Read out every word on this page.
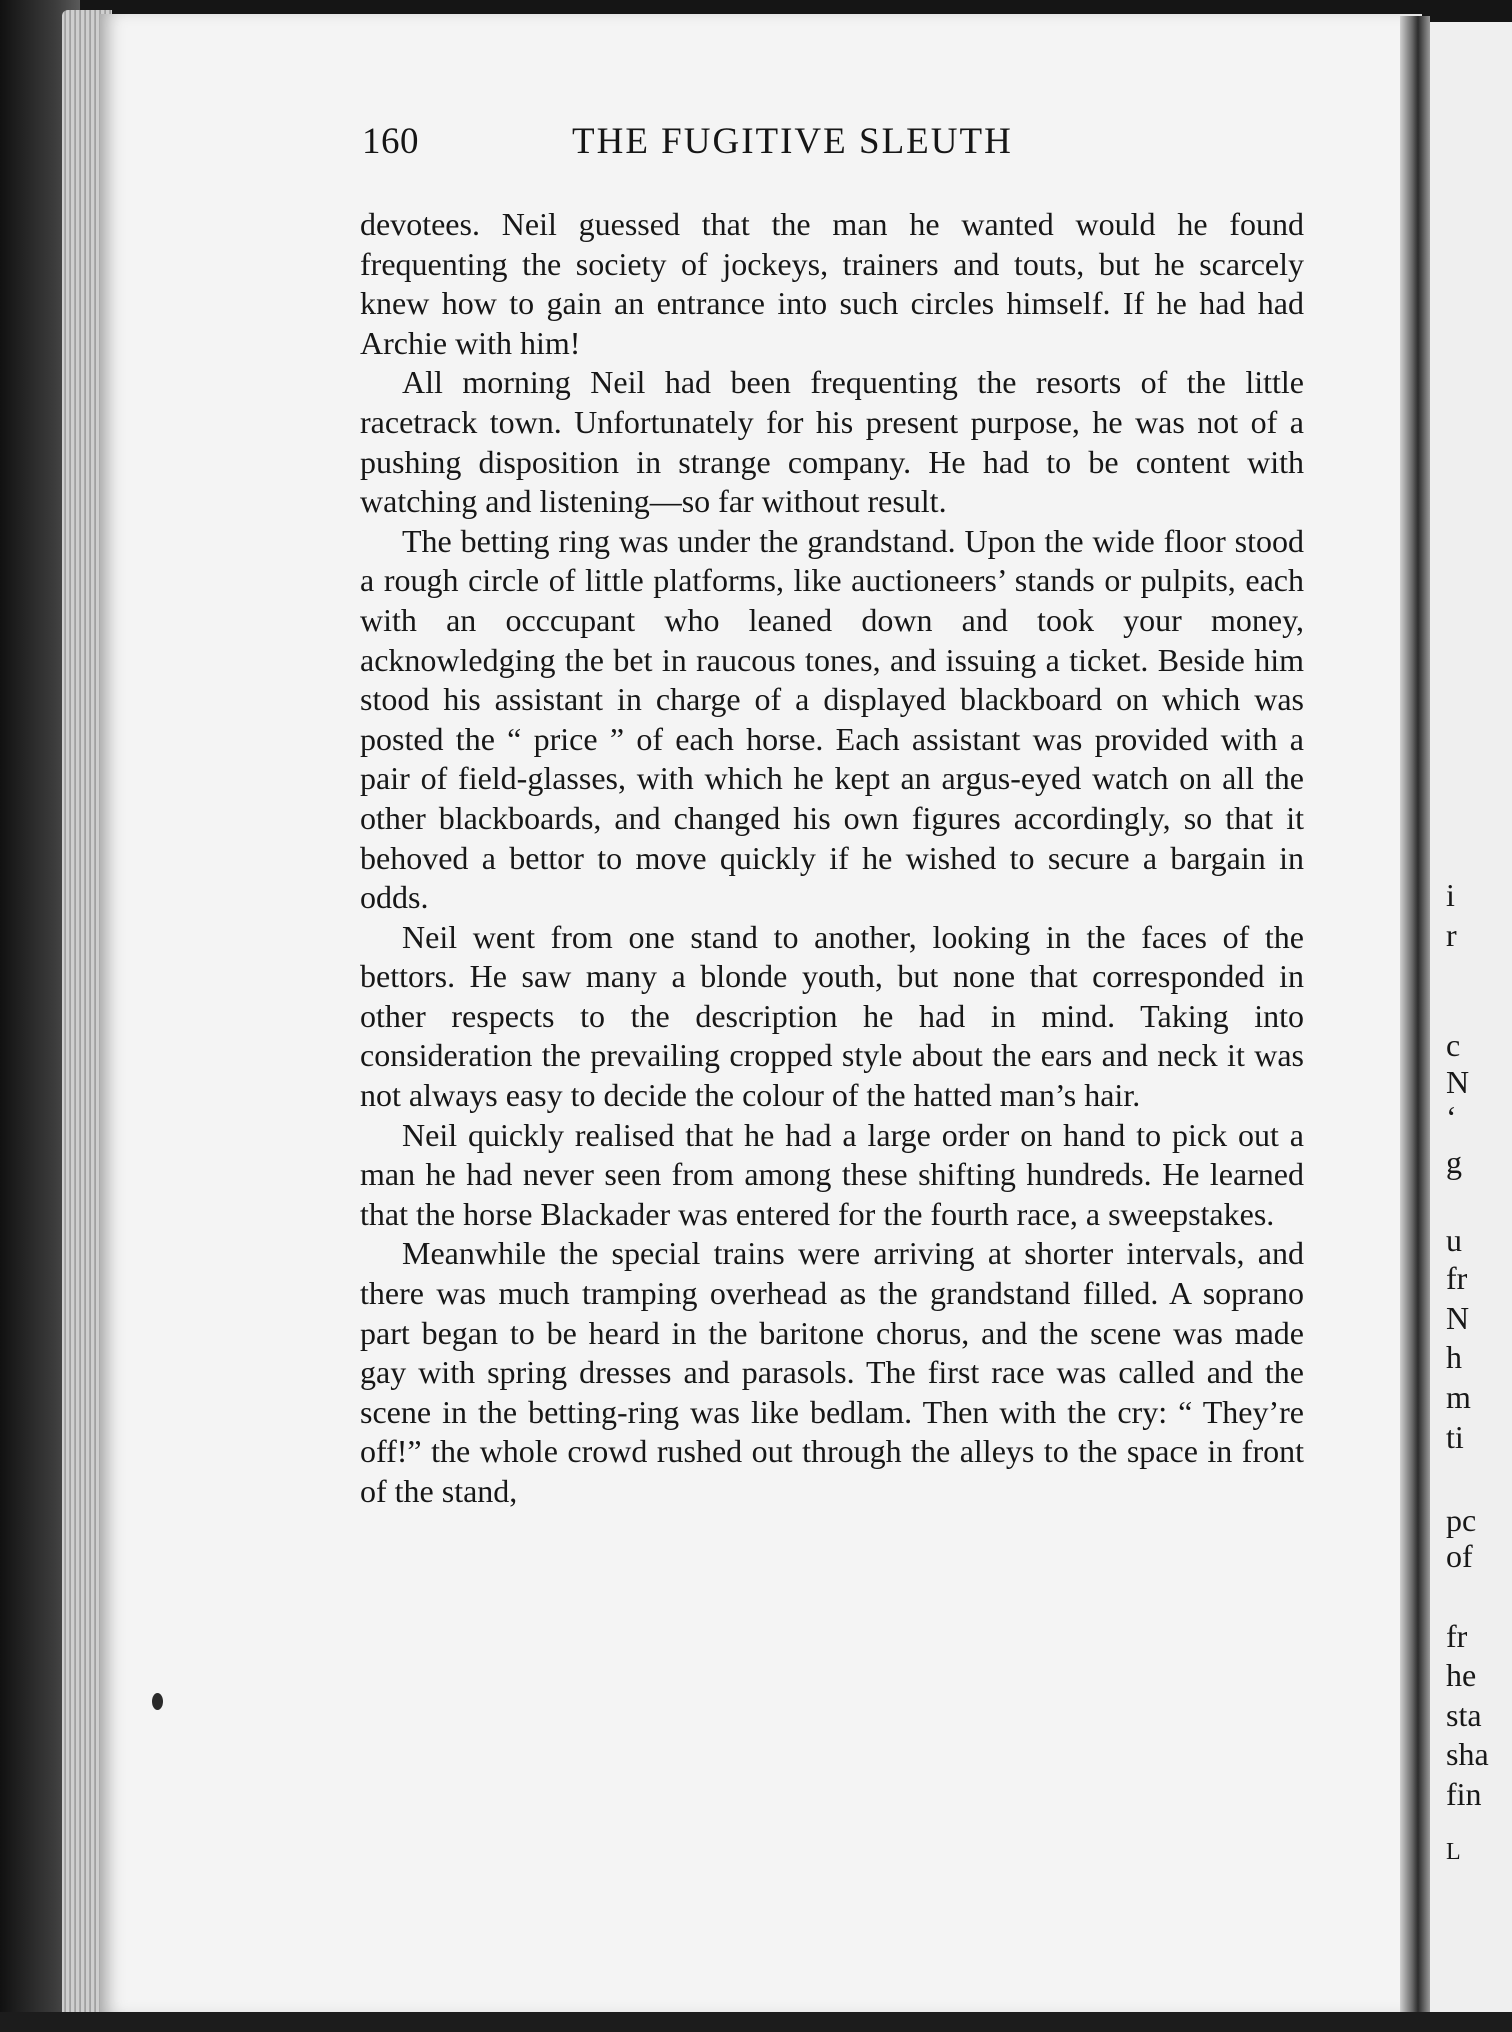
160	THE FUGITIVE SLEUTH

devotees. Neil guessed that the man he wanted would he found frequenting the society of jockeys, trainers and touts, but he scarcely knew how to gain an entrance into such circles himself. If he had had Archie with him!

All morning Neil had been frequenting the resorts of the little racetrack town. Unfortunately for his present purpose, he was not of a pushing disposition in strange company. He had to be content with watching and listening—so far without result.

The betting ring was under the grandstand. Upon the wide floor stood a rough circle of little platforms, like auctioneers’ stands or pulpits, each with an occcupant who leaned down and took your money, acknowledging the bet in raucous tones, and issuing a ticket. Beside him stood his assistant in charge of a displayed blackboard on which was posted the “ price ” of each horse. Each assistant was provided with a pair of field-glasses, with which he kept an argus-eyed watch on all the other blackboards, and changed his own figures accordingly, so that it behoved a bettor to move quickly if he wished to secure a bargain in odds.

Neil went from one stand to another, looking in the faces of the bettors. He saw many a blonde youth, but none that corresponded in other respects to the description he had in mind. Taking into consideration the prevailing cropped style about the ears and neck it was not always easy to decide the colour of the hatted man’s hair.

Neil quickly realised that he had a large order on hand to pick out a man he had never seen from among these shifting hundreds. He learned that the horse Blackader was entered for the fourth race, a sweepstakes.

Meanwhile the special trains were arriving at shorter intervals, and there was much tramping overhead as the grandstand filled. A soprano part began to be heard in the baritone chorus, and the scene was made gay with spring dresses and parasols. The first race was called and the scene in the betting-ring was like bedlam. Then with the cry: “ They’re off!” the whole crowd rushed out through the alleys to the space in front of the stand,

i
r
c
N
‘
g
u
fr
N
h
m
ti
pc
of
fr
he
sta
sha
fin
L
